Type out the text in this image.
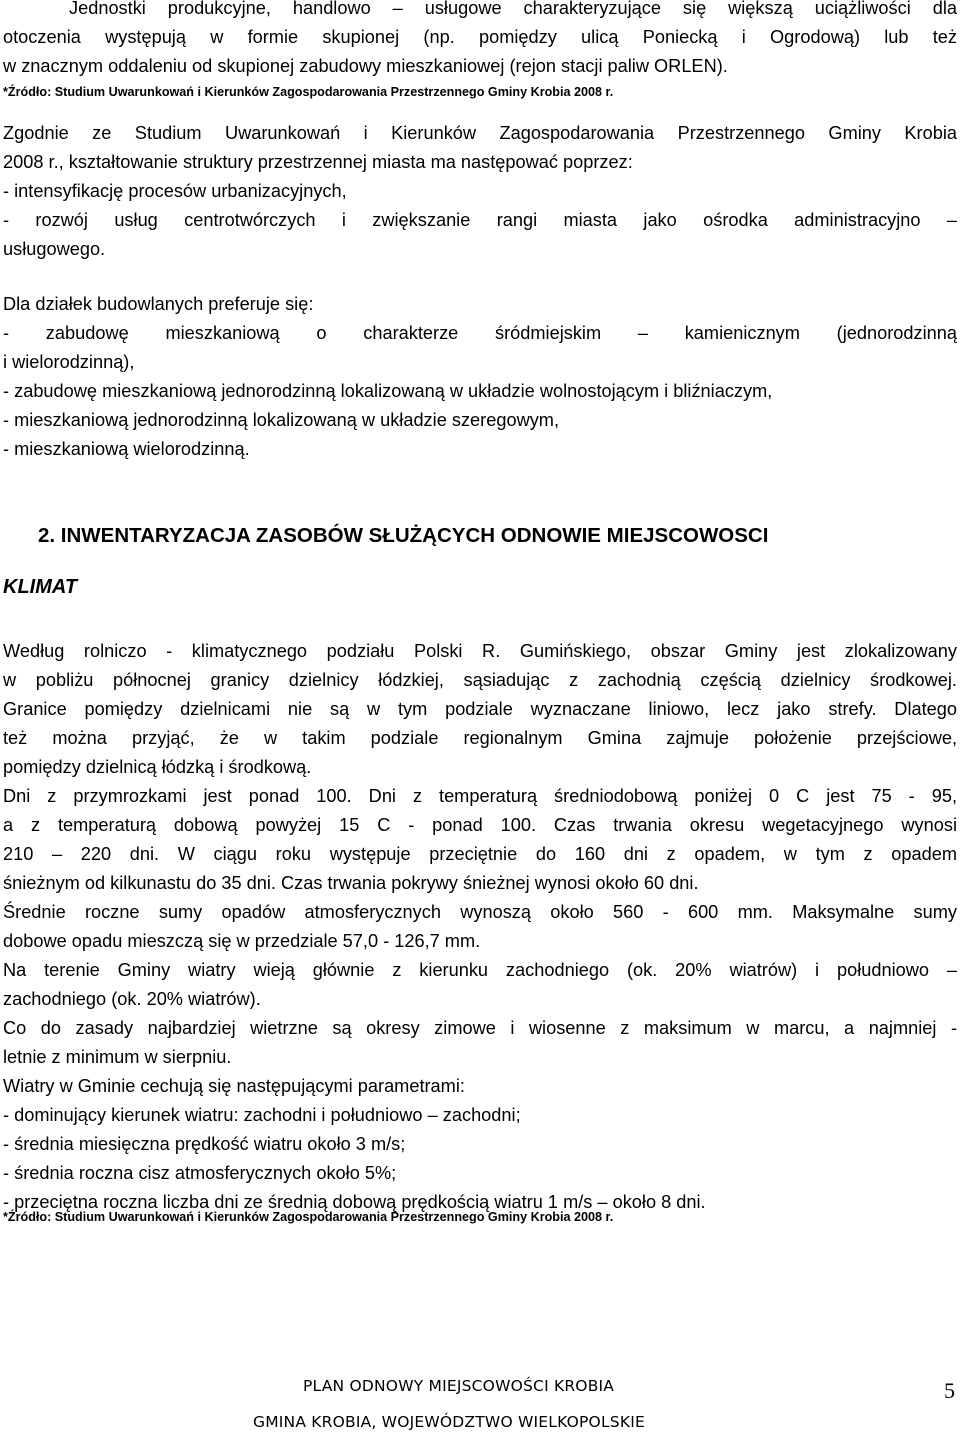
Jednostki produkcyjne, handlowo – usługowe charakteryzujące się większą uciążliwości dla
otoczenia występują w formie skupionej (np. pomiędzy ulicą Poniecką i Ogrodową) lub też
w znacznym oddaleniu od skupionej zabudowy mieszkaniowej (rejon stacji paliw ORLEN).
*Źródło: Studium Uwarunkowań i Kierunków Zagospodarowania Przestrzennego Gminy Krobia 2008 r.
Zgodnie ze Studium Uwarunkowań i Kierunków Zagospodarowania Przestrzennego Gminy Krobia
2008 r., kształtowanie struktury przestrzennej miasta ma następować poprzez:
- intensyfikację procesów urbanizacyjnych,
- rozwój usług centrotwórczych i zwiększanie rangi miasta jako ośrodka administracyjno –
usługowego.
Dla działek budowlanych preferuje się:
- zabudowę mieszkaniową o charakterze śródmiejskim – kamienicznym (jednorodzinną
i wielorodzinną),
- zabudowę mieszkaniową jednorodzinną lokalizowaną w układzie wolnostojącym i bliźniaczym,
- mieszkaniową jednorodzinną lokalizowaną w układzie szeregowym,
- mieszkaniową wielorodzinną.
2. INWENTARYZACJA ZASOBÓW SŁUŻĄCYCH ODNOWIE MIEJSCOWOSCI
KLIMAT
Według rolniczo - klimatycznego podziału Polski R. Gumińskiego, obszar Gminy jest zlokalizowany
w pobliżu północnej granicy dzielnicy łódzkiej, sąsiadując z zachodnią częścią dzielnicy środkowej.
Granice pomiędzy dzielnicami nie są w tym podziale wyznaczane liniowo, lecz jako strefy. Dlatego
też można przyjąć, że w takim podziale regionalnym Gmina zajmuje położenie przejściowe,
pomiędzy dzielnicą łódzką i środkową.
Dni z przymrozkami jest ponad 100. Dni z temperaturą średniodobową poniżej 0 C jest 75 - 95,
a z temperaturą dobową powyżej 15 C - ponad 100. Czas trwania okresu wegetacyjnego wynosi
210 – 220 dni. W ciągu roku występuje przeciętnie do 160 dni z opadem, w tym z opadem
śnieżnym od kilkunastu do 35 dni. Czas trwania pokrywy śnieżnej wynosi około 60 dni.
Średnie roczne sumy opadów atmosferycznych wynoszą około 560 - 600 mm. Maksymalne sumy
dobowe opadu mieszczą się w przedziale 57,0 - 126,7 mm.
Na terenie Gminy wiatry wieją głównie z kierunku zachodniego (ok. 20% wiatrów) i południowo –
zachodniego (ok. 20% wiatrów).
Co do zasady najbardziej wietrzne są okresy zimowe i wiosenne z maksimum w marcu, a najmniej -
letnie z minimum w sierpniu.
Wiatry w Gminie cechują się następującymi parametrami:
- dominujący kierunek wiatru: zachodni i południowo – zachodni;
- średnia miesięczna prędkość wiatru około 3 m/s;
- średnia roczna cisz atmosferycznych około 5%;
- przeciętna roczna liczba dni ze średnią dobową prędkością wiatru 1 m/s – około 8 dni.
*Źródło: Studium Uwarunkowań i Kierunków Zagospodarowania Przestrzennego Gminy Krobia 2008 r.
PLAN ODNOWY MIEJSCOWOŚCI KROBIA
GMINA KROBIA, WOJEWÓDZTWO WIELKOPOLSKIE
5
